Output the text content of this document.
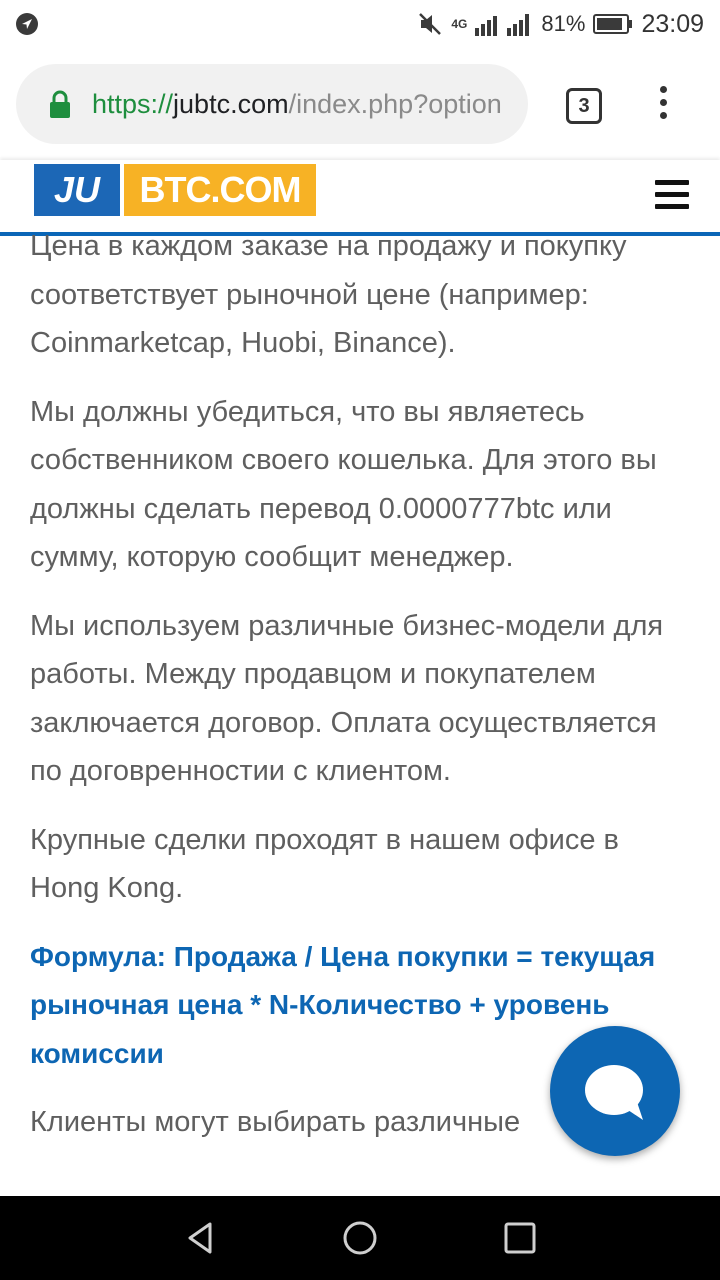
4G	81% 23:09
https://jubtc.com/index.php?option	3
JU	BTC.COM

Цена в каждом заказе на продажу и покупку соответствует рыночной цене (например: Coinmarketcap, Huobi, Binance).

Мы должны убедиться, что вы являетесь собственником своего кошелька. Для этого вы должны сделать перевод 0.0000777btc или сумму, которую сообщит менеджер.

Мы используем различные бизнес-модели для работы. Между продавцом и покупателем заключается договор. Оплата осуществляется по договренностии с клиентом.

Крупные сделки проходят в нашем офисе в Hong Kong.

Формула: Продажа / Цена покупки = текущая рыночная цена * N-Количество + уровень комиссии

Клиенты могут выбирать различные
